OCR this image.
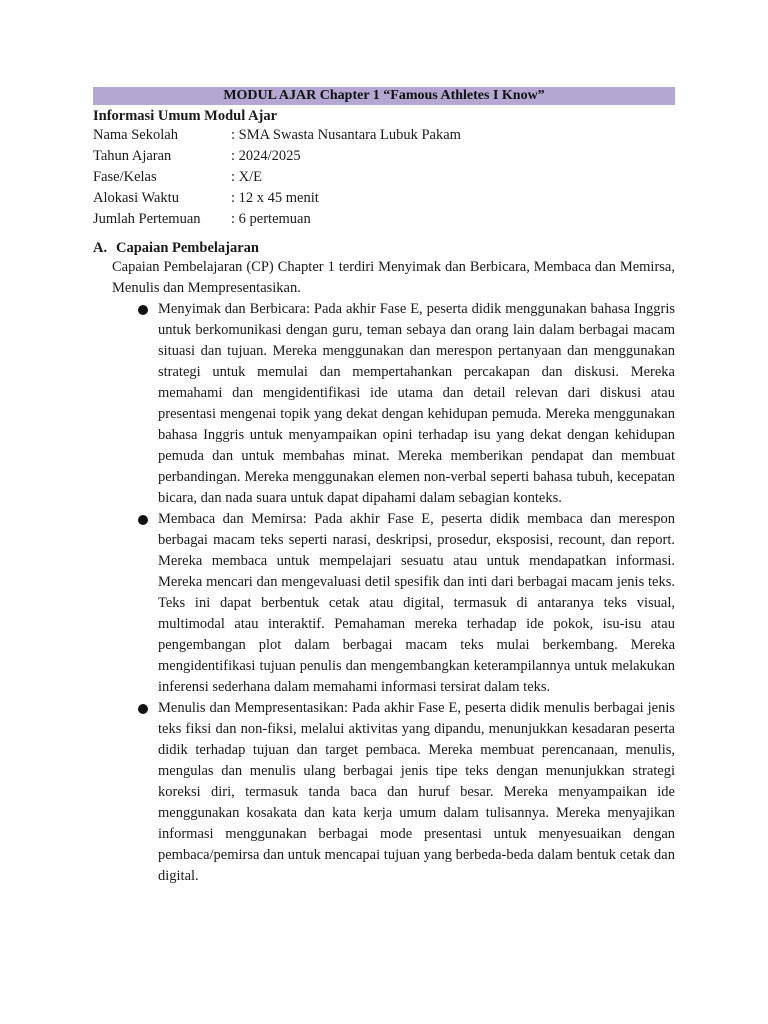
MODUL AJAR Chapter 1 “Famous Athletes I Know”
Informasi Umum Modul Ajar
Nama Sekolah	: SMA Swasta Nusantara Lubuk Pakam
Tahun Ajaran	: 2024/2025
Fase/Kelas	: X/E
Alokasi Waktu	: 12 x 45 menit
Jumlah Pertemuan	: 6 pertemuan
A. Capaian Pembelajaran
Capaian Pembelajaran (CP) Chapter 1 terdiri Menyimak dan Berbicara, Membaca dan Memirsa, Menulis dan Mempresentasikan.
Menyimak dan Berbicara: Pada akhir Fase E, peserta didik menggunakan bahasa Inggris untuk berkomunikasi dengan guru, teman sebaya dan orang lain dalam berbagai macam situasi dan tujuan. Mereka menggunakan dan merespon pertanyaan dan menggunakan strategi untuk memulai dan mempertahankan percakapan dan diskusi. Mereka memahami dan mengidentifikasi ide utama dan detail relevan dari diskusi atau presentasi mengenai topik yang dekat dengan kehidupan pemuda. Mereka menggunakan bahasa Inggris untuk menyampaikan opini terhadap isu yang dekat dengan kehidupan pemuda dan untuk membahas minat. Mereka memberikan pendapat dan membuat perbandingan. Mereka menggunakan elemen non-verbal seperti bahasa tubuh, kecepatan bicara, dan nada suara untuk dapat dipahami dalam sebagian konteks.
Membaca dan Memirsa: Pada akhir Fase E, peserta didik membaca dan merespon berbagai macam teks seperti narasi, deskripsi, prosedur, eksposisi, recount, dan report. Mereka membaca untuk mempelajari sesuatu atau untuk mendapatkan informasi. Mereka mencari dan mengevaluasi detil spesifik dan inti dari berbagai macam jenis teks. Teks ini dapat berbentuk cetak atau digital, termasuk di antaranya teks visual, multimodal atau interaktif. Pemahaman mereka terhadap ide pokok, isu-isu atau pengembangan plot dalam berbagai macam teks mulai berkembang. Mereka mengidentifikasi tujuan penulis dan mengembangkan keterampilannya untuk melakukan inferensi sederhana dalam memahami informasi tersirat dalam teks.
Menulis dan Mempresentasikan: Pada akhir Fase E, peserta didik menulis berbagai jenis teks fiksi dan non-fiksi, melalui aktivitas yang dipandu, menunjukkan kesadaran peserta didik terhadap tujuan dan target pembaca. Mereka membuat perencanaan, menulis, mengulas dan menulis ulang berbagai jenis tipe teks dengan menunjukkan strategi koreksi diri, termasuk tanda baca dan huruf besar. Mereka menyampaikan ide menggunakan kosakata dan kata kerja umum dalam tulisannya. Mereka menyajikan informasi menggunakan berbagai mode presentasi untuk menyesuaikan dengan pembaca/pemirsa dan untuk mencapai tujuan yang berbeda-beda dalam bentuk cetak dan digital.
